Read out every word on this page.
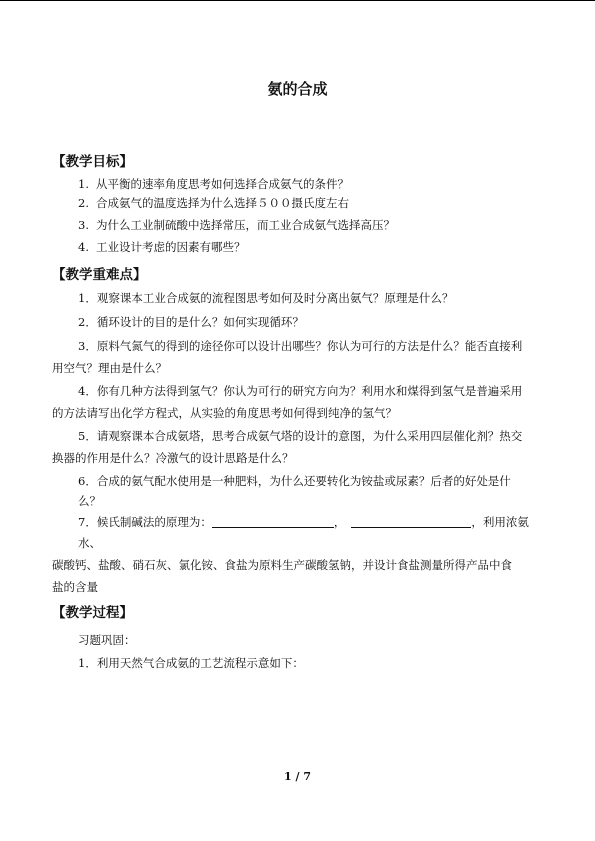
氨的合成
【教学目标】
1. 从平衡的速率角度思考如何选择合成氨气的条件？
2. 合成氨气的温度选择为什么选择５００摄氏度左右
3. 为什么工业制硫酸中选择常压，而工业合成氨气选择高压？
4. 工业设计考虑的因素有哪些？
【教学重难点】
1．观察课本工业合成氨的流程图思考如何及时分离出氨气？原理是什么？
2．循环设计的目的是什么？如何实现循环？
3．原料气氮气的得到的途径你可以设计出哪些？你认为可行的方法是什么？能否直接利
用空气？理由是什么？
4．你有几种方法得到氢气？你认为可行的研究方向为？利用水和煤得到氢气是普遍采用
的方法请写出化学方程式，从实验的角度思考如何得到纯净的氢气？
5．请观察课本合成氨塔，思考合成氨气塔的设计的意图，为什么采用四层催化剂？热交
换器的作用是什么？冷激气的设计思路是什么？
6．合成的氨气配水使用是一种肥料，为什么还要转化为铵盐或尿素？后者的好处是什
么？
7．候氏制碱法的原理为：	，	，利用浓氨
水、
碳酸钙、盐酸、硝石灰、氯化铵、食盐为原料生产碳酸氢钠，并设计食盐测量所得产品中食
盐的含量
【教学过程】
习题巩固：
1．利用天然气合成氨的工艺流程示意如下：
1 / 7
